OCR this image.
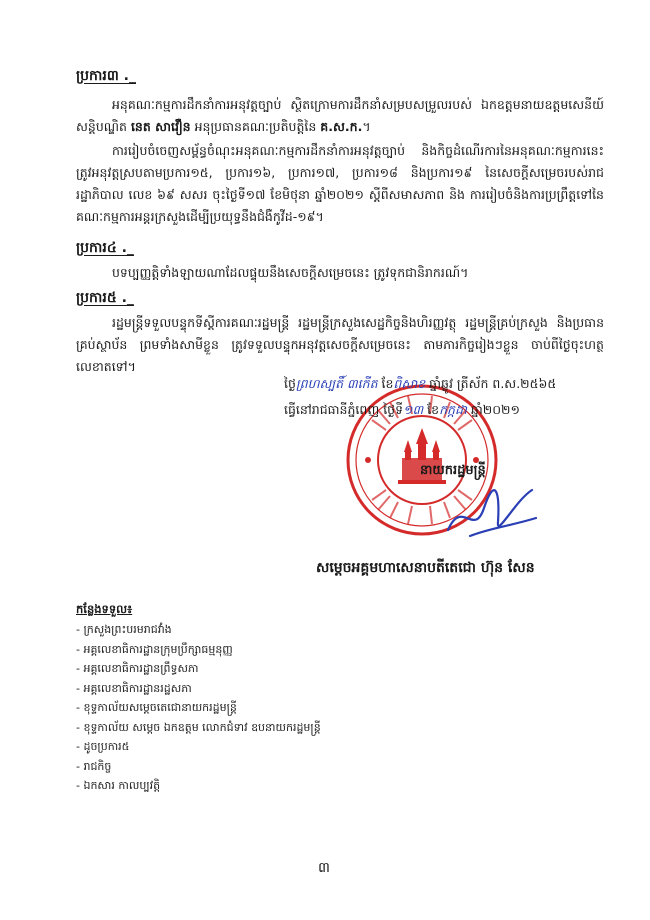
ប្រការ៣ ._
អនុគណៈកម្មការដឹកនាំការអនុវត្តច្បាប់ ស្ថិតក្រោមការដឹកនាំសម្របសម្រួលរបស់ ឯកឧត្តមនាយឧត្តមសេនីយ៍សន្តិបណ្ឌិត នេត សាវឿន អនុប្រធានគណៈប្រតិបត្តិនៃ គ.ស.ក.។
ការរៀបចំចេញសម្ព័ន្ធចំណុះអនុគណៈកម្មការដឹកនាំការអនុវត្តច្បាប់ និងកិច្ចដំណើរការនៃអនុគណៈកម្មការនេះ ត្រូវអនុវត្តស្របតាមប្រការ១៥, ប្រការ១៦, ប្រការ១៧, ប្រការ១៨ និងប្រការ១៩ នៃសេចក្តីសម្រេចរបស់រាជរដ្ឋាភិបាល លេខ ៦៩ សសរ ចុះថ្ងៃទី១៧ ខែមិថុនា ឆ្នាំ២០២១ ស្តីពីសមាសភាព និង ការរៀបចំនិងការប្រព្រឹត្តទៅនៃគណៈកម្មការអន្តរក្រសួងដើម្បីប្រយុទ្ធនឹងជំងឺកូវីដ-១៩។
ប្រការ៤ ._
បទប្បញ្ញត្តិទាំងឡាយណាដែលផ្ទុយនឹងសេចក្តីសម្រេចនេះ ត្រូវទុកជានិរាករណ៍។
ប្រការ៥ ._
រដ្ឋមន្ត្រីទទួលបន្ទុកទីស្តីការគណៈរដ្ឋមន្ត្រី រដ្ឋមន្ត្រីក្រសួងសេដ្ឋកិច្ចនិងហិរញ្ញវត្ថុ រដ្ឋមន្ត្រីគ្រប់ក្រសួង និងប្រធានគ្រប់ស្ថាប័ន ព្រមទាំងសាមីខ្លួន ត្រូវទទួលបន្ទុកអនុវត្តសេចក្តីសម្រេចនេះ តាមភារកិច្ចរៀងៗខ្លួន ចាប់ពីថ្ងៃចុះហត្ថលេខាតទៅ។
ថ្ងៃព្រហស្បតិ៍ ៣កើត ខែពិសាខ ឆ្នាំឆ្លូវ ត្រីស័ក ព.ស.២៥៦៥
ធ្វើនៅរាជធានីភ្នំពេញ ថ្ងៃទី១៣ ខែកក្កដា ឆ្នាំ២០២១
នាយករដ្ឋមន្ត្រី
សម្តេចអគ្គមហាសេនាបតីតេជោ ហ៊ុន សែន
កន្លែងទទួល៖
- ក្រសួងព្រះបរមរាជវាំង
- អគ្គលេខាធិការដ្ឋានក្រុមប្រឹក្សាធម្មនុញ្ញ
- អគ្គលេខាធិការដ្ឋានព្រឹទ្ធសភា
- អគ្គលេខាធិការដ្ឋានរដ្ឋសភា
- ខុទ្ទកាល័យសម្តេចតេជោនាយករដ្ឋមន្ត្រី
- ខុទ្ទកាល័យ សម្តេច ឯកឧត្តម លោកជំទាវ ឧបនាយករដ្ឋមន្ត្រី
- ដូចប្រការ៥
- រាជកិច្ច
- ឯកសារ កាលប្បវត្តិ
៣
